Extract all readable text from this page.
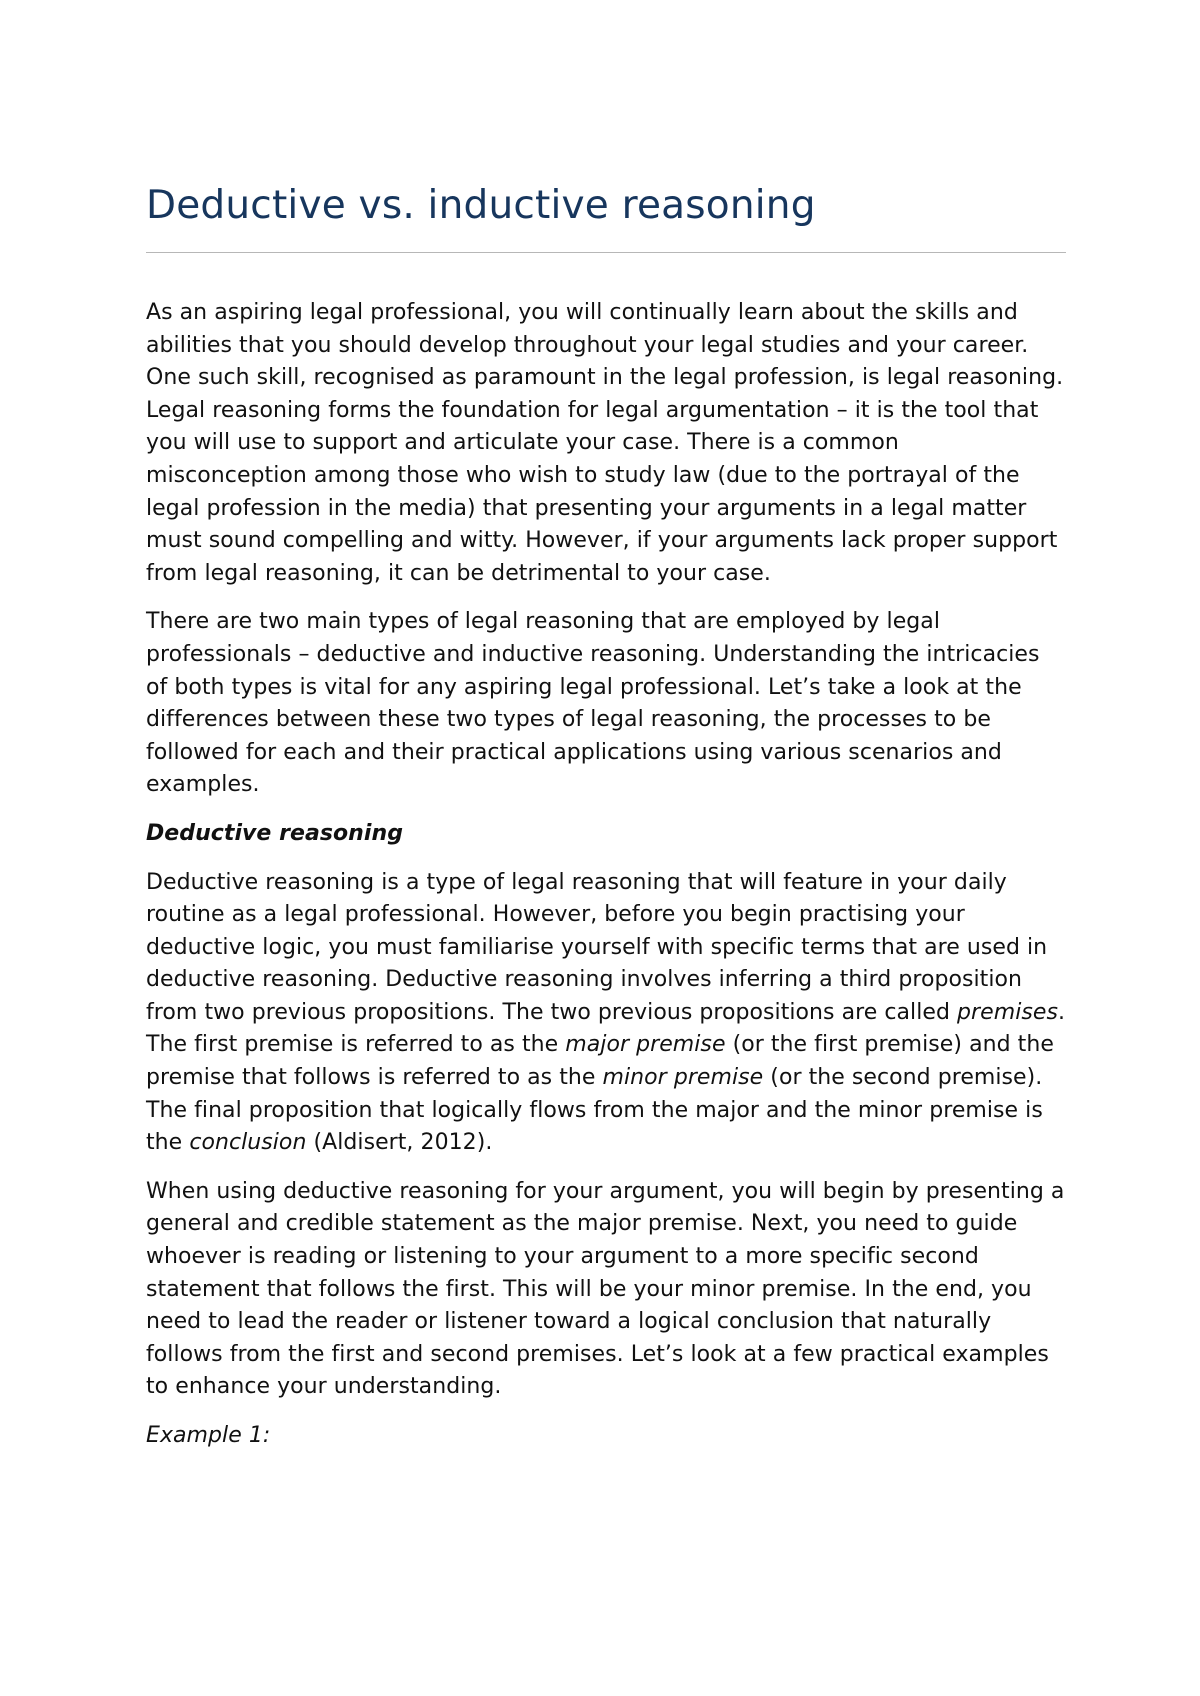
Deductive vs. inductive reasoning

As an aspiring legal professional, you will continually learn about the skills and abilities that you should develop throughout your legal studies and your career. One such skill, recognised as paramount in the legal profession, is legal reasoning. Legal reasoning forms the foundation for legal argumentation – it is the tool that you will use to support and articulate your case. There is a common misconception among those who wish to study law (due to the portrayal of the legal profession in the media) that presenting your arguments in a legal matter must sound compelling and witty. However, if your arguments lack proper support from legal reasoning, it can be detrimental to your case.

There are two main types of legal reasoning that are employed by legal professionals – deductive and inductive reasoning. Understanding the intricacies of both types is vital for any aspiring legal professional. Let’s take a look at the differences between these two types of legal reasoning, the processes to be followed for each and their practical applications using various scenarios and examples.

Deductive reasoning

Deductive reasoning is a type of legal reasoning that will feature in your daily routine as a legal professional. However, before you begin practising your deductive logic, you must familiarise yourself with specific terms that are used in deductive reasoning. Deductive reasoning involves inferring a third proposition from two previous propositions. The two previous propositions are called premises. The first premise is referred to as the major premise (or the first premise) and the premise that follows is referred to as the minor premise (or the second premise). The final proposition that logically flows from the major and the minor premise is the conclusion (Aldisert, 2012).

When using deductive reasoning for your argument, you will begin by presenting a general and credible statement as the major premise. Next, you need to guide whoever is reading or listening to your argument to a more specific second statement that follows the first. This will be your minor premise. In the end, you need to lead the reader or listener toward a logical conclusion that naturally follows from the first and second premises. Let’s look at a few practical examples to enhance your understanding.

Example 1:
